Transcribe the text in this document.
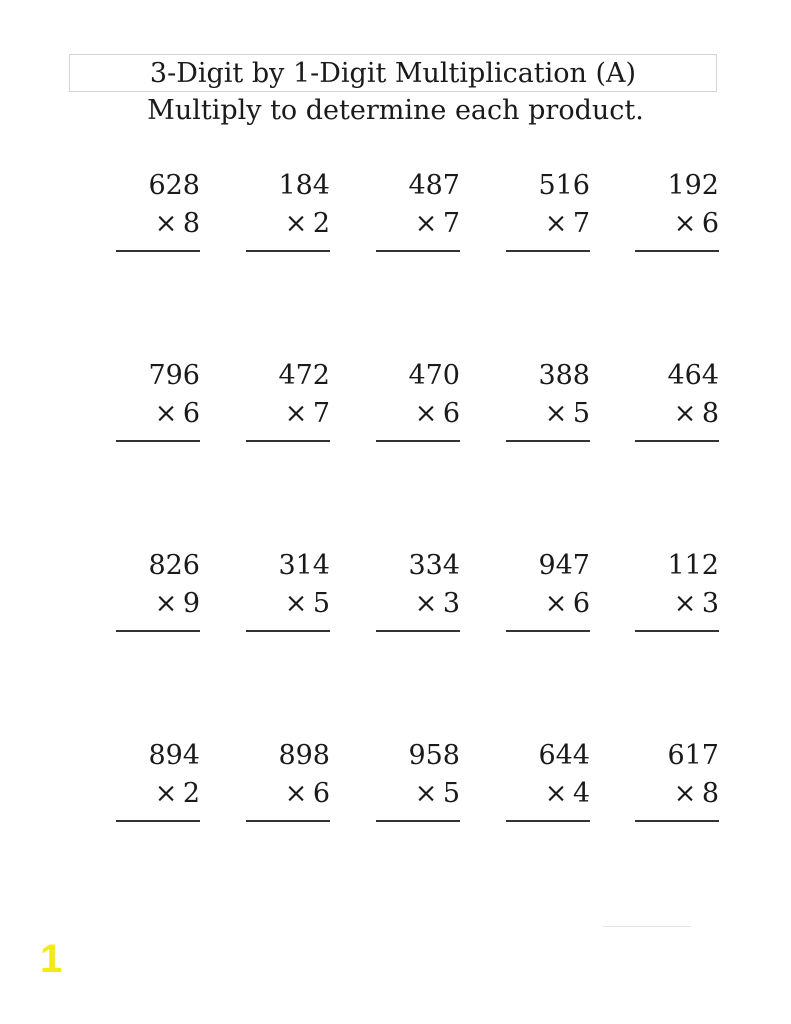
3-Digit by 1-Digit Multiplication (A)
Multiply to determine each product.
628
×  8
184
×  2
487
×  7
516
×  7
192
×  6
796
×  6
472
×  7
470
×  6
388
×  5
464
×  8
826
×  9
314
×  5
334
×  3
947
×  6
112
×  3
894
×  2
898
×  6
958
×  5
644
×  4
617
×  8
1
